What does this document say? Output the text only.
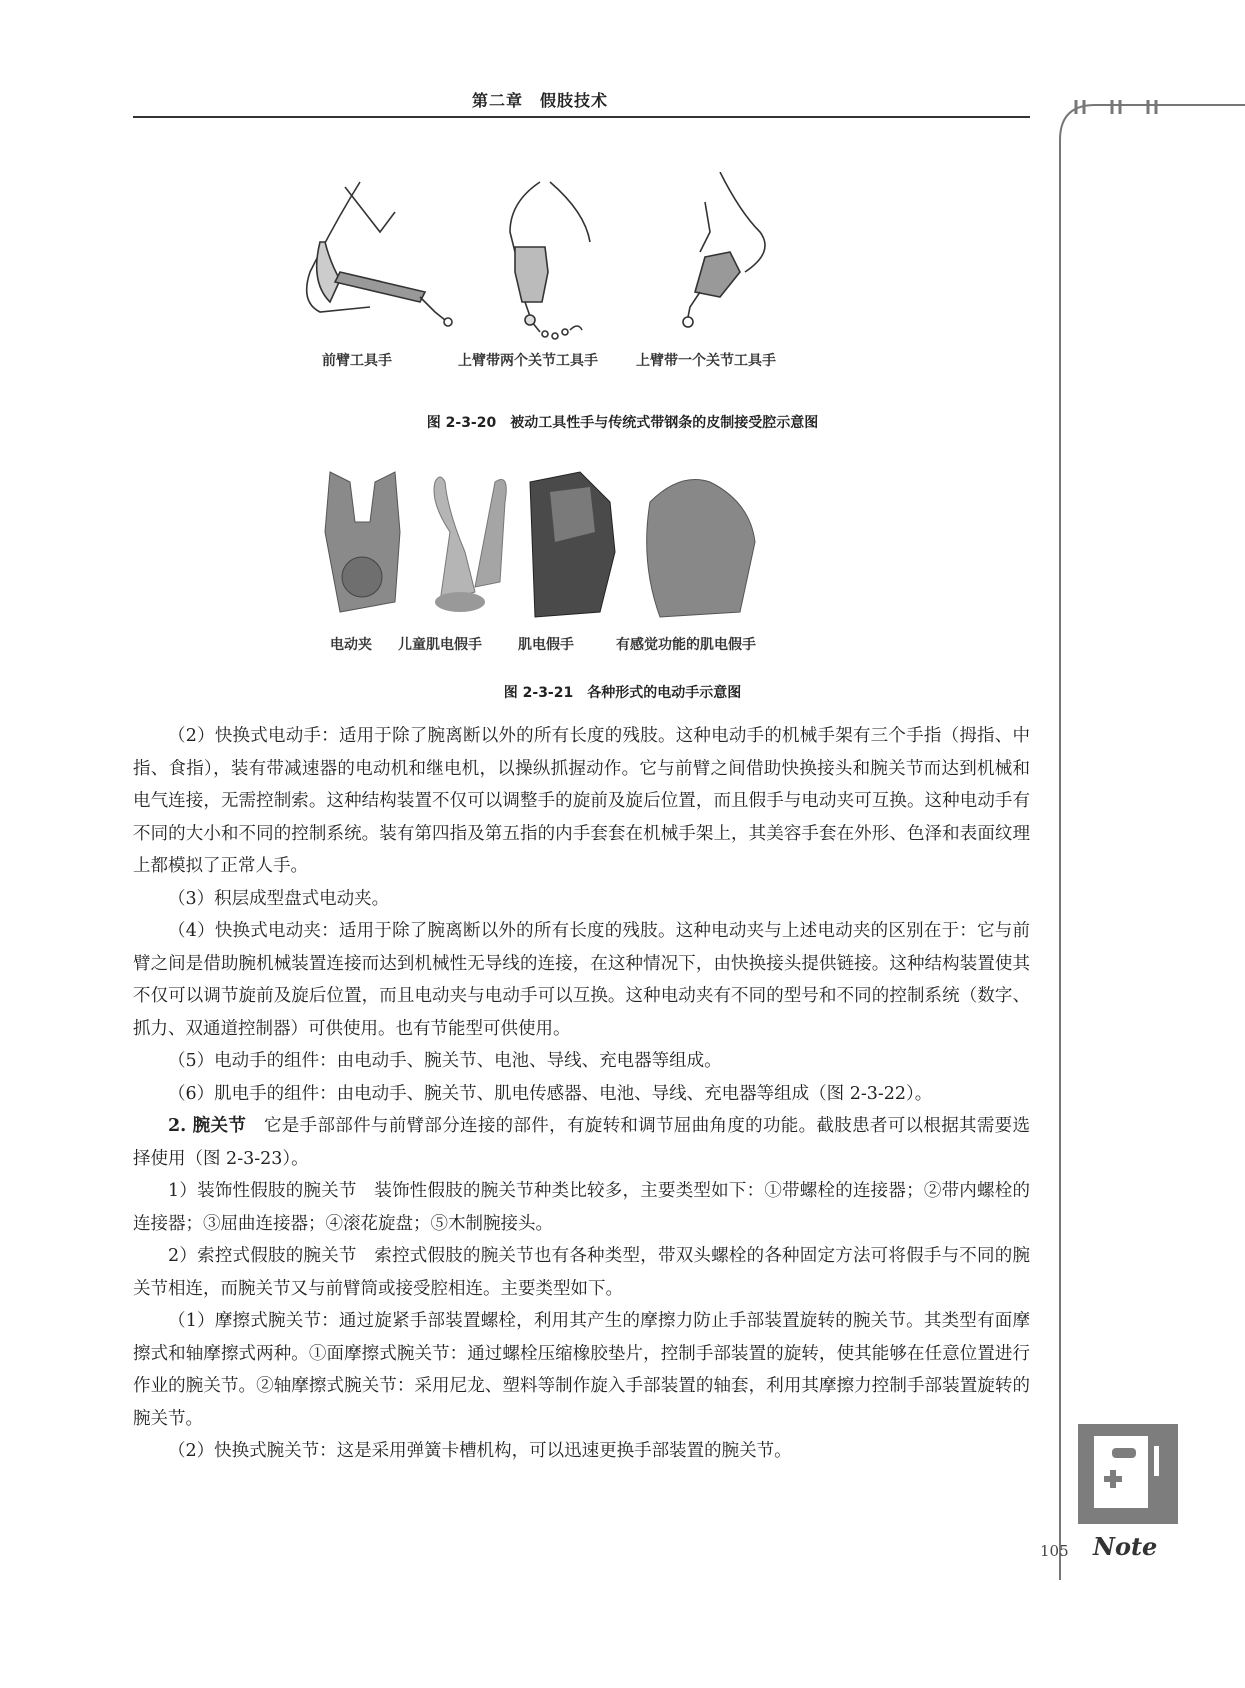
第二章　假肢技术
前臂工具手	上臂带两个关节工具手	上臂带一个关节工具手
图 2-3-20　被动工具性手与传统式带钢条的皮制接受腔示意图
电动夹 儿童肌电假手	肌电假手	有感觉功能的肌电假手
图 2-3-21　各种形式的电动手示意图

（2）快换式电动手：适用于除了腕离断以外的所有长度的残肢。这种电动手的机械手架有三个手指（拇指、中指、食指），装有带减速器的电动机和继电机，以操纵抓握动作。它与前臂之间借助快换接头和腕关节而达到机械和电气连接，无需控制索。这种结构装置不仅可以调整手的旋前及旋后位置，而且假手与电动夹可互换。这种电动手有不同的大小和不同的控制系统。装有第四指及第五指的内手套套在机械手架上，其美容手套在外形、色泽和表面纹理上都模拟了正常人手。

（3）积层成型盘式电动夹。

（4）快换式电动夹：适用于除了腕离断以外的所有长度的残肢。这种电动夹与上述电动夹的区别在于：它与前臂之间是借助腕机械装置连接而达到机械性无导线的连接，在这种情况下，由快换接头提供链接。这种结构装置使其不仅可以调节旋前及旋后位置，而且电动夹与电动手可以互换。这种电动夹有不同的型号和不同的控制系统（数字、抓力、双通道控制器）可供使用。也有节能型可供使用。

（5）电动手的组件：由电动手、腕关节、电池、导线、充电器等组成。

（6）肌电手的组件：由电动手、腕关节、肌电传感器、电池、导线、充电器等组成（图 2-3-22）。

2. 腕关节　它是手部部件与前臂部分连接的部件，有旋转和调节屈曲角度的功能。截肢患者可以根据其需要选择使用（图 2-3-23）。

1）装饰性假肢的腕关节　装饰性假肢的腕关节种类比较多，主要类型如下：①带螺栓的连接器；②带内螺栓的连接器；③屈曲连接器；④滚花旋盘；⑤木制腕接头。

2）索控式假肢的腕关节　索控式假肢的腕关节也有各种类型，带双头螺栓的各种固定方法可将假手与不同的腕关节相连，而腕关节又与前臂筒或接受腔相连。主要类型如下。

（1）摩擦式腕关节：通过旋紧手部装置螺栓，利用其产生的摩擦力防止手部装置旋转的腕关节。其类型有面摩擦式和轴摩擦式两种。①面摩擦式腕关节：通过螺栓压缩橡胶垫片，控制手部装置的旋转，使其能够在任意位置进行作业的腕关节。②轴摩擦式腕关节：采用尼龙、塑料等制作旋入手部装置的轴套，利用其摩擦力控制手部装置旋转的腕关节。

（2）快换式腕关节：这是采用弹簧卡槽机构，可以迅速更换手部装置的腕关节。

Note
105
